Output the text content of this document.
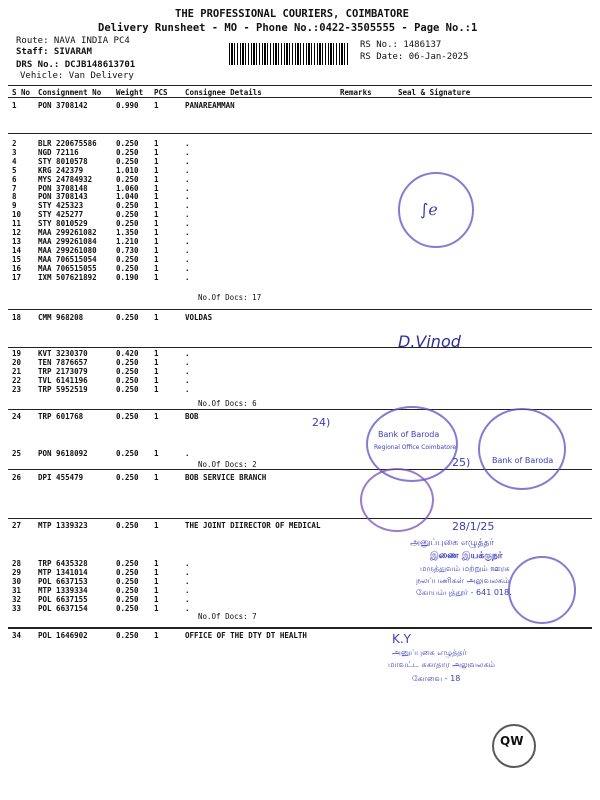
THE PROFESSIONAL COURIERS, COIMBATORE
Delivery Runsheet - MO - Phone No.:0422-3505555 - Page No.:1
Route: NAVA INDIA PC4
Staff: SIVARAM
DRS No.: DCJB148613701
Vehicle: Van Delivery
RS No.: 1486137
RS Date: 06-Jan-2025
S No Consignment No Weight PCS Consignee Details	Remarks	Seal & Signature
1	PON 3708142	0.990 1	PANAREAMMAN
2	BLR 220675586	0.250 1	.
3	NGD 72116	0.250 1	.
4	STY 8010578	0.250 1	.
5	KRG 242379	1.010 1	.
6	MYS 24784932	0.250 1	.
7	PON 3708148	1.060 1	.
8	PON 3708143	1.040 1	.
9	STY 425323	0.250 1	.
10 STY 425277	0.250 1	.
11 STY 8010529	0.250 1	.
12 MAA 299261082	1.350 1	.
13 MAA 299261084	1.210 1	.
14 MAA 299261080	0.730 1	.
15 MAA 706515054	0.250 1	.
16 MAA 706515055	0.250 1	.
17 IXM 507621892	0.190 1	.
No.Of Docs: 17
18 CMM 968208	0.250 1	VOLDAS
19 KVT 3230370	0.420 1	.
20 TEN 7876657	0.250 1	.
21 TRP 2173079	0.250 1	.
22 TVL 6141196	0.250 1	.
23 TRP 5952519	0.250 1	.
No.Of Docs: 6
24 TRP 601768	0.250 1	BOB
25 PON 9618092	0.250 1	.
No.Of Docs: 2
26 DPI 455479	0.250 1	BOB SERVICE BRANCH
27 MTP 1339323	0.250 1	THE JOINT DIIRECTOR OF MEDICAL
28 TRP 6435328	0.250 1	.
29 MTP 1341014	0.250 1	.
30 POL 6637153	0.250 1	.
31 MTP 1339334	0.250 1	.
32 POL 6637155	0.250 1	.
33 POL 6637154	0.250 1	.
No.Of Docs: 7
34 POL 1646902	0.250 1	OFFICE OF THE DTY DT HEALTH
∫ℯ
D.Vinod
24)
Bank of Baroda
Regional Office Coimbatore
25)	Bank of Baroda
28/1/25
அனுப்புகை எழுத்தர்
இணை இயக்குநர்
மருத்துவம் மற்றும் ஊரக
நலப்பணிகள் அலுவலகம்
கோயம்புத்தூர் - 641 018.
K.Y
அனுப்புகை எழுத்தர்
மாவட்ட சுகாதார அலுவலகம்
கோவை - 18
QW
